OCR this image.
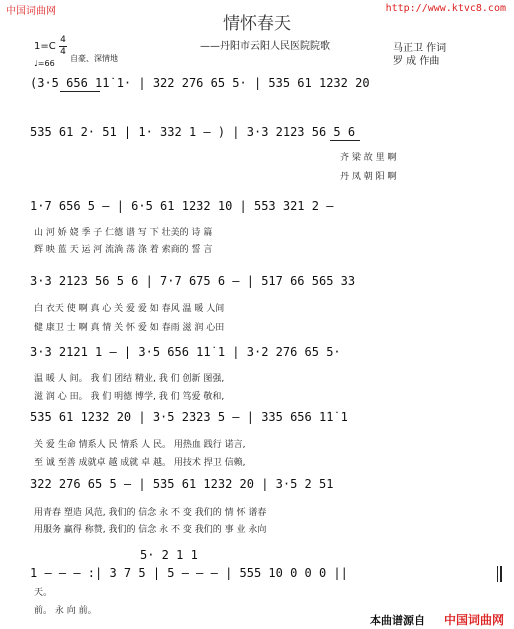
中国词曲网	http://www.ktvc8.com
情怀春天
——丹阳市云阳人民医院院歌	马正卫 作词
罗 成 作曲
1=C
4
4
♩=66
自豪、深情地
(3·5 656 1̇1̇ 1· | 322 276 65 5· | 535 61 1232 20
535 61 2· 51 | 1· 332 1 – ) | 3·3 2123 56 5 6
齐 梁 故 里 啊
丹 凤 朝 阳 啊
1·7 656 5 – | 6·5 61 1232 10 | 553 321 2 –
山 河 娇 娆 季 子 仁德 谱 写 下 壮美的 诗 篇
辉 映 蓝 天 运 河 流淌 荡 涤 着 索商的 誓 言
3·3 2123 56 5 6 | 7·7 675 6 – | 517 66 565 33
白 衣天 使 啊 真 心 关 爱 爱 如 春风 温 暖 人间
健 康卫 士 啊 真 情 关 怀 爱 如 春雨 滋 润 心田
3·3 2121 1 – | 3·5 656 1̇1̇ 1 | 3·2 276 65 5·
温 暖 人 间。 我 们 团结 精业, 我 们 创新 图强,
滋 润 心 田。 我 们 明德 博学, 我 们 笃爱 敬和,
535 61 1232 20 | 3·5 2323 5 – | 335 656 1̇1̇ 1
关 爱 生命 情系人 民 情系 人 民。 用热血 践行 诺言,
至 诚 至善 成就卓 越 成就 卓 越。 用技术 捍卫 信赖,
322 276 65 5 – | 535 61 1232 20 | 3·5 2 51
用青春 塑造 风范, 我们的 信念 永 不 变 我们的 情 怀 谱春
用服务 赢得 称赞, 我们的 信念 永 不 变 我们的 事 业 永向
5· 2 1 1
1 – – – :| 3 7 5 | 5 – – – | 555 10 0 0 0 ||
天。
前。 永 向 前。
本曲谱源自 中国词曲网
